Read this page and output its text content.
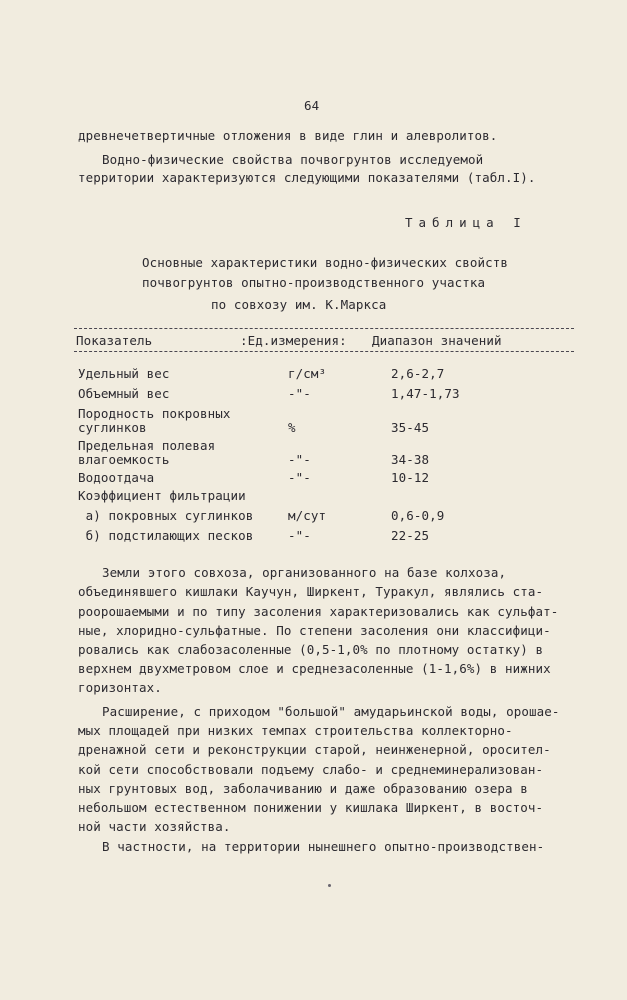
64
древнечетвертичные отложения в виде глин и алевролитов.
Водно-физические свойства почвогрунтов исследуемой
территории характеризуются следующими показателями (табл.I).
Таблица I
Основные характеристики водно-физических свойств
почвогрунтов опытно-производственного участка
по совхозу им. К.Маркса
Показатель	:Ед.измерения: Диапазон значений
Удельный вес	г/см³	2,6-2,7
Объемный вес	-"-	1,47-1,73
Породность покровных
суглинков	%	35-45
Предельная полевая
влагоемкость	-"-	34-38
Водоотдача	-"-	10-12
Коэффициент фильтрации
а) покровных суглинков	м/сут	0,6-0,9
б) подстилающих песков	-"-	22-25
Земли этого совхоза, организованного на базе колхоза,
объединявшего кишлаки Каучун, Ширкент, Туракул, являлись ста-
роорошаемыми и по типу засоления характеризовались как сульфат-
ные, хлоридно-сульфатные. По степени засоления они классифици-
ровались как слабозасоленные (0,5-1,0% по плотному остатку) в
верхнем двухметровом слое и среднезасоленные (1-1,6%) в нижних
горизонтах.
Расширение, с приходом "большой" амударьинской воды, орошае-
мых площадей при низких темпах строительства коллекторно-
дренажной сети и реконструкции старой, неинженерной, оросител-
кой сети способствовали подъему слабо- и среднеминерализован-
ных грунтовых вод, заболачиванию и даже образованию озера в
небольшом естественном понижении у кишлака Ширкент, в восточ-
ной части хозяйства.
В частности, на территории нынешнего опытно-производствен-
